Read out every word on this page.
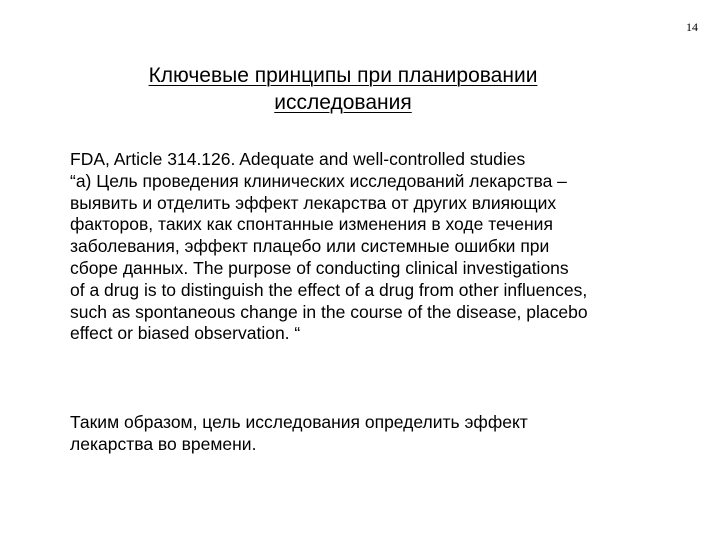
14
Ключевые принципы при планировании
исследования
FDA, Article 314.126. Adequate and well-controlled studies
“a) Цель проведения клинических исследований лекарства –
выявить и отделить эффект лекарства от других влияющих
факторов, таких как спонтанные изменения в ходе течения
заболевания, эффект плацебо или системные ошибки при
сборе данных. The purpose of conducting clinical investigations
of a drug is to distinguish the effect of a drug from other influences,
such as spontaneous change in the course of the disease, placebo
effect or biased observation. “
Таким образом, цель исследования определить эффект
лекарства во времени.
